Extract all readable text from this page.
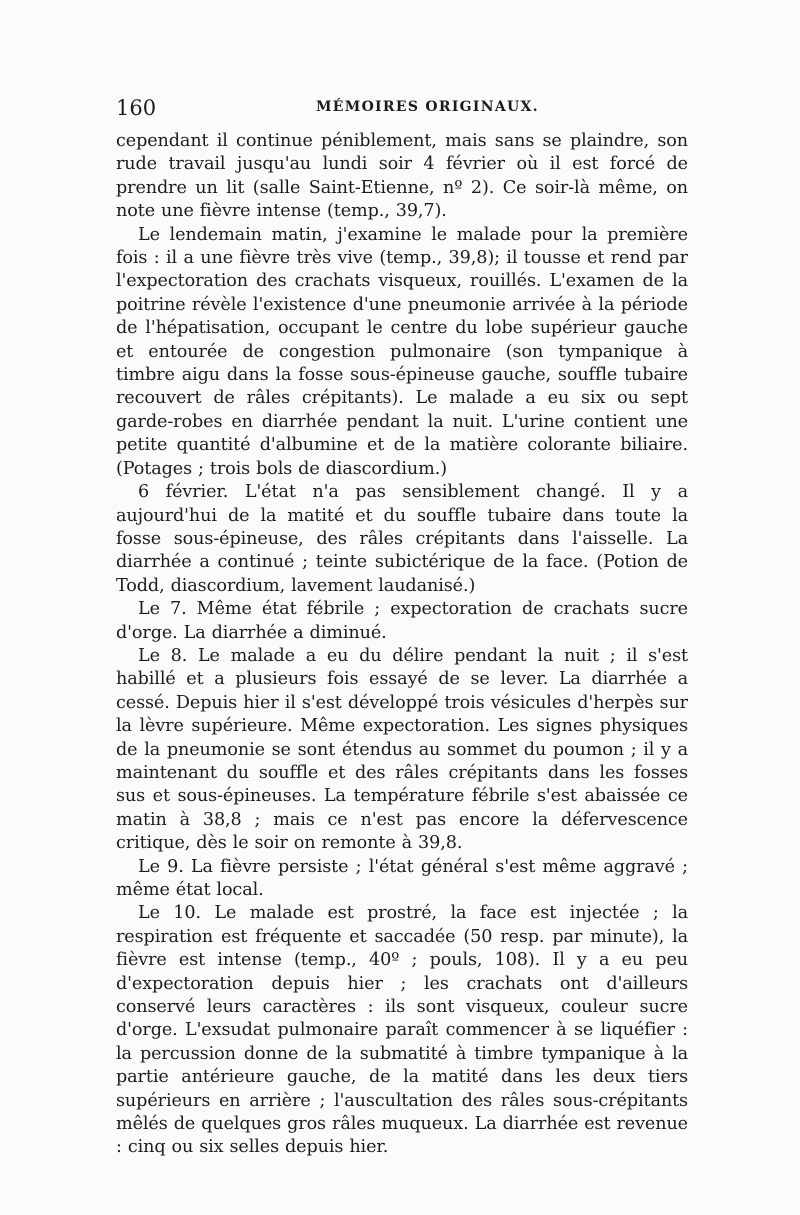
160	MÉMOIRES ORIGINAUX.

cependant il continue péniblement, mais sans se plaindre, son rude travail jusqu'au lundi soir 4 février où il est forcé de prendre un lit (salle Saint-Etienne, nº 2). Ce soir-là même, on note une fièvre intense (temp., 39,7).

Le lendemain matin, j'examine le malade pour la première fois : il a une fièvre très vive (temp., 39,8); il tousse et rend par l'expectoration des crachats visqueux, rouillés. L'examen de la poitrine révèle l'existence d'une pneumonie arrivée à la période de l'hépatisation, occupant le centre du lobe supérieur gauche et entourée de congestion pulmonaire (son tympanique à timbre aigu dans la fosse sous-épineuse gauche, souffle tubaire recouvert de râles crépitants). Le malade a eu six ou sept garde-robes en diarrhée pendant la nuit. L'urine contient une petite quantité d'albumine et de la matière colorante biliaire. (Potages ; trois bols de diascordium.)

6 février. L'état n'a pas sensiblement changé. Il y a aujourd'hui de la matité et du souffle tubaire dans toute la fosse sous-épineuse, des râles crépitants dans l'aisselle. La diarrhée a continué ; teinte subictérique de la face. (Potion de Todd, diascordium, lavement laudanisé.)

Le 7. Même état fébrile ; expectoration de crachats sucre d'orge. La diarrhée a diminué.

Le 8. Le malade a eu du délire pendant la nuit ; il s'est habillé et a plusieurs fois essayé de se lever. La diarrhée a cessé. Depuis hier il s'est développé trois vésicules d'herpès sur la lèvre supérieure. Même expectoration. Les signes physiques de la pneumonie se sont étendus au sommet du poumon ; il y a maintenant du souffle et des râles crépitants dans les fosses sus et sous-épineuses. La température fébrile s'est abaissée ce matin à 38,8 ; mais ce n'est pas encore la défervescence critique, dès le soir on remonte à 39,8.

Le 9. La fièvre persiste ; l'état général s'est même aggravé ; même état local.

Le 10. Le malade est prostré, la face est injectée ; la respiration est fréquente et saccadée (50 resp. par minute), la fièvre est intense (temp., 40º ; pouls, 108). Il y a eu peu d'expectoration depuis hier ; les crachats ont d'ailleurs conservé leurs caractères : ils sont visqueux, couleur sucre d'orge. L'exsudat pulmonaire paraît commencer à se liquéfier : la percussion donne de la submatité à timbre tympanique à la partie antérieure gauche, de la matité dans les deux tiers supérieurs en arrière ; l'auscultation des râles sous-crépitants mêlés de quelques gros râles muqueux. La diarrhée est revenue : cinq ou six selles depuis hier.
